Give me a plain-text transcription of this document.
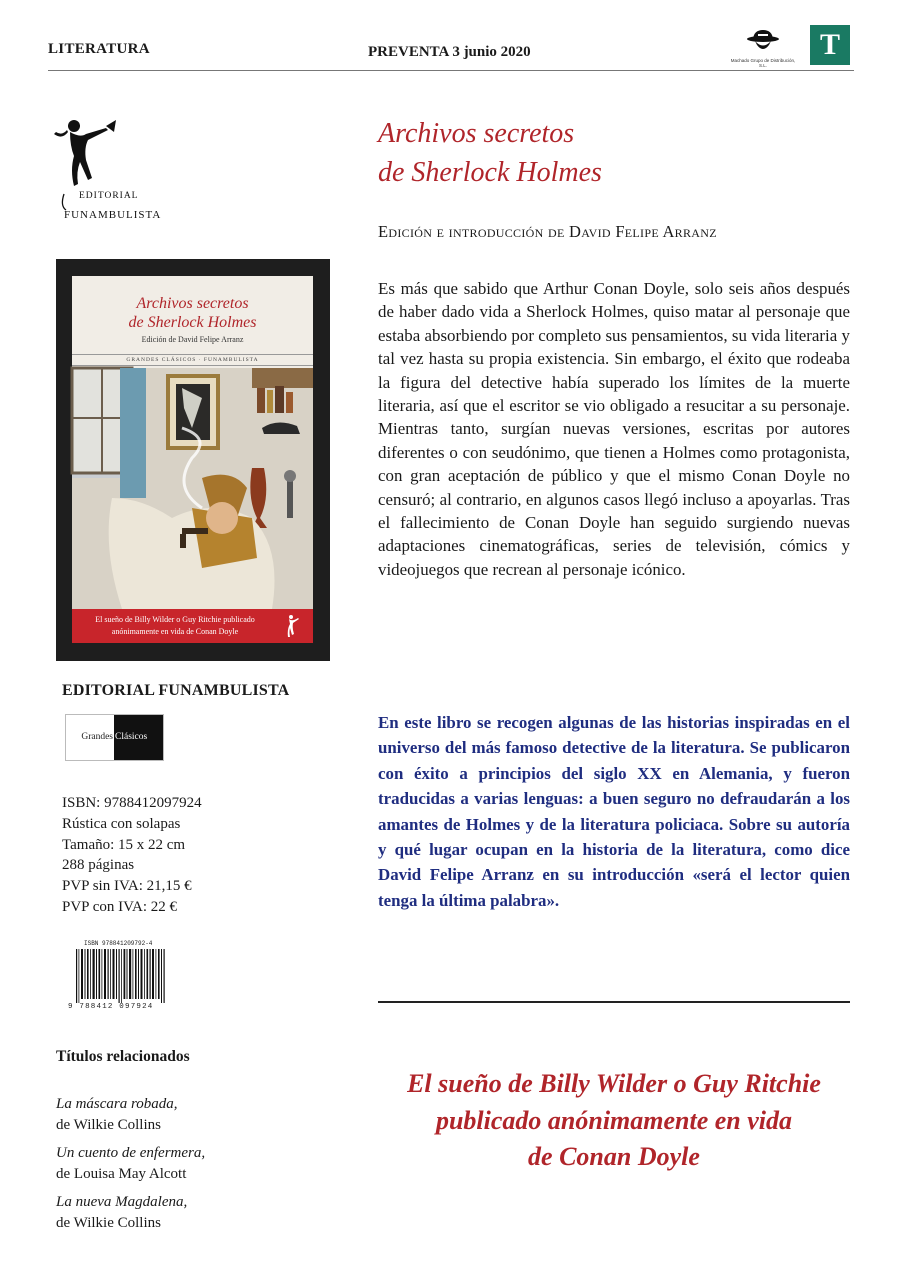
LITERATURA	PREVENTA 3 junio 2020
Machado Grupo de Distribución, S.L.
T
EDITORIAL
FUNAMBULISTA
Archivos secretos
de Sherlock Holmes
Edición de David Felipe Arranz
GRANDES CLÁSICOS · FUNAMBULISTA
El sueño de Billy Wilder o Guy Ritchie publicado anónimamente en vida de Conan Doyle
EDITORIAL FUNAMBULISTA
Grandes Clásicos
ISBN: 9788412097924
Rústica con solapas
Tamaño: 15 x 22 cm
288 páginas
PVP sin IVA: 21,15 €
PVP con IVA: 22 €
ISBN 978841209792-4
9 788412 097924
Títulos relacionados
La máscara robada,
de Wilkie Collins
Un cuento de enfermera,
de Louisa May Alcott
La nueva Magdalena,
de Wilkie Collins
Archivos secretos
de Sherlock Holmes
Edición e introducción de David Felipe Arranz
Es más que sabido que Arthur Conan Doyle, solo seis años después de haber dado vida a Sherlock Holmes, quiso matar al personaje que estaba absorbiendo por completo sus pensamientos, su vida literaria y tal vez hasta su propia existencia. Sin embargo, el éxito que rodeaba la figura del detective había superado los límites de la muerte literaria, así que el escritor se vio obligado a resucitar a su personaje. Mientras tanto, surgían nuevas versiones, escritas por autores diferentes o con seudónimo, que tienen a Holmes como protagonista, con gran aceptación de público y que el mismo Conan Doyle no censuró; al contrario, en algunos casos llegó incluso a apoyarlas. Tras el fallecimiento de Conan Doyle han seguido surgiendo nuevas adaptaciones cinematográficas, series de televisión, cómics y videojuegos que recrean al personaje icónico.
En este libro se recogen algunas de las historias inspiradas en el universo del más famoso detective de la literatura. Se publicaron con éxito a principios del siglo XX en Alemania, y fueron traducidas a varias lenguas: a buen seguro no defraudarán a los amantes de Holmes y de la literatura policiaca. Sobre su autoría y qué lugar ocupan en la historia de la literatura, como dice David Felipe Arranz en su introducción «será el lector quien tenga la última palabra».
El sueño de Billy Wilder o Guy Ritchie
publicado anónimamente en vida
de Conan Doyle
